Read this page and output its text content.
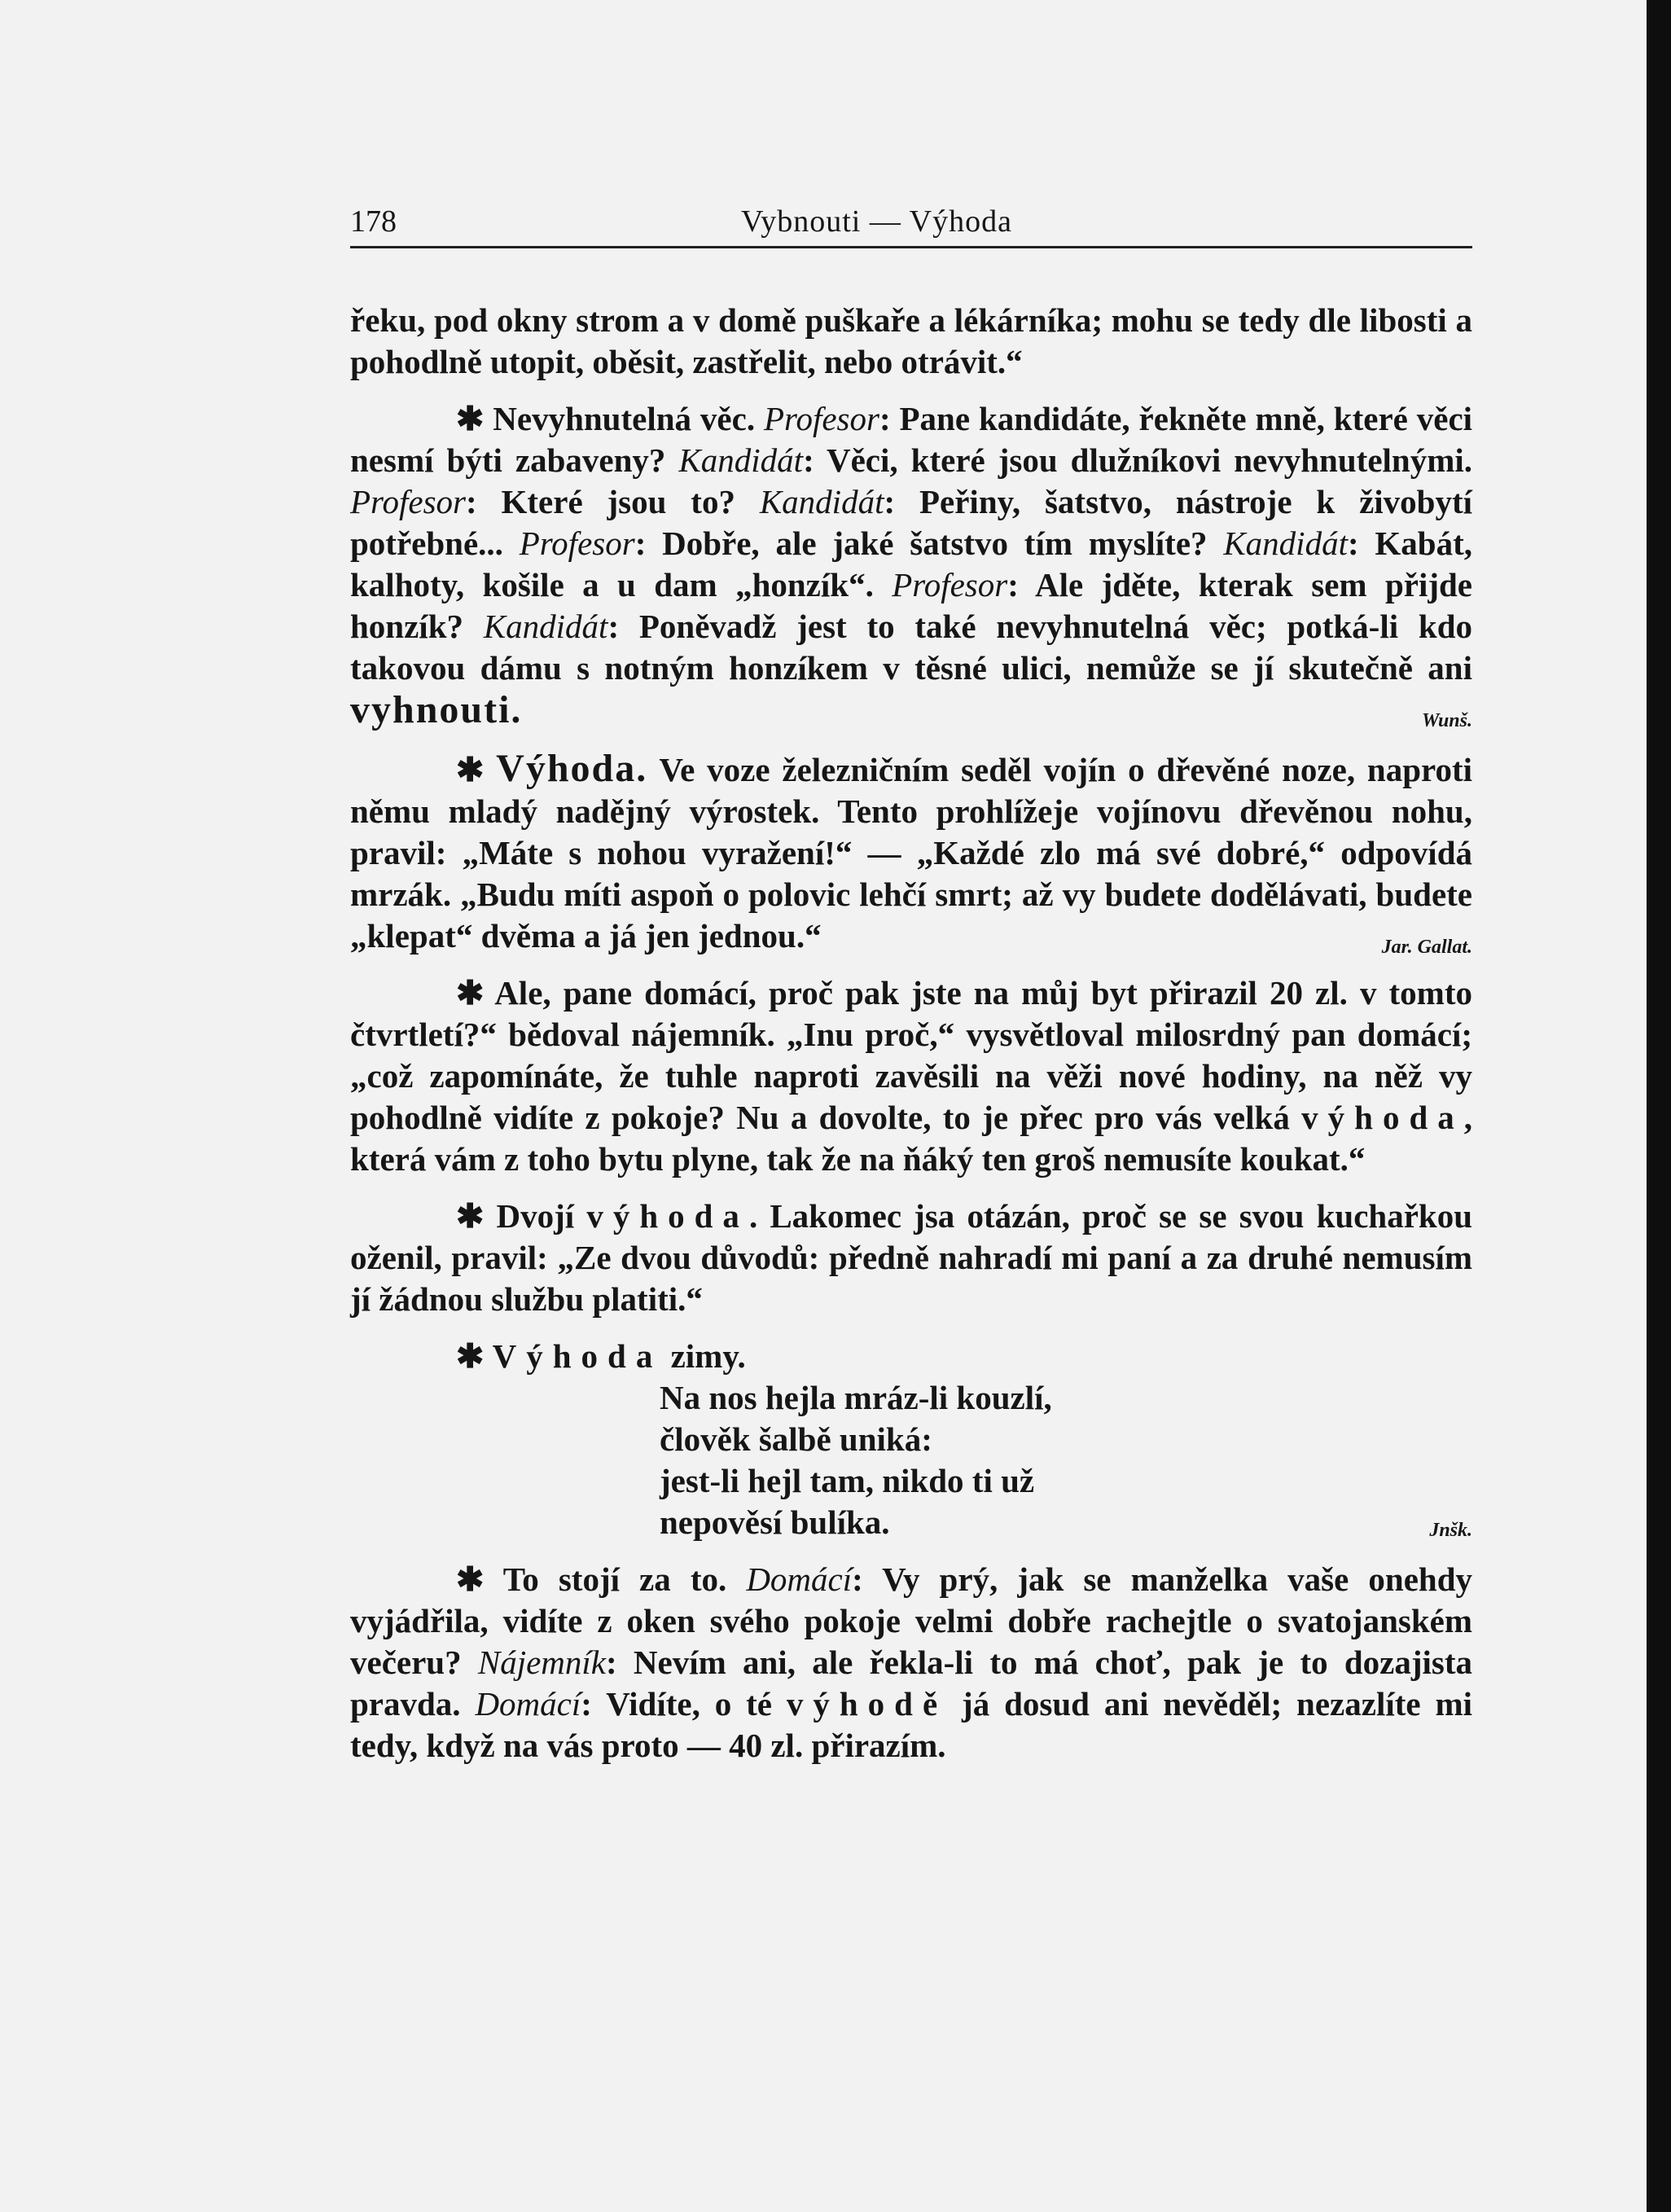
178	Vybnouti — Výhoda

řeku, pod okny strom a v domě puškaře a lékárníka; mohu se tedy dle libosti a pohodlně utopit, oběsit, zastřelit, nebo otrávit.“

✱ Nevyhnutelná věc. Profesor: Pane kandidáte, řekněte mně, které věci nesmí býti zabaveny? Kandidát: Věci, které jsou dlužníkovi nevyhnutelnými. Profesor: Které jsou to? Kandidát: Peřiny, šatstvo, nástroje k živobytí potřebné... Profesor: Dobře, ale jaké šatstvo tím myslíte? Kandidát: Kabát, kalhoty, košile a u dam „honzík“. Profesor: Ale jděte, kterak sem přijde honzík? Kandidát: Poněvadž jest to také nevyhnutelná věc; potká-li kdo takovou dámu s notným honzíkem v těsné ulici, nemůže se jí skutečně ani vyhnouti.	Wunš.

✱ Výhoda. Ve voze železničním seděl vojín o dřevěné noze, naproti němu mladý nadějný výrostek. Tento prohlížeje vojínovu dřevěnou nohu, pravil: „Máte s nohou vyražení!“ — „Každé zlo má své dobré,“ odpovídá mrzák. „Budu míti aspoň o polovic lehčí smrt; až vy budete dodělávati, budete „klepat“ dvěma a já jen jednou.“	Jar. Gallat.

✱ Ale, pane domácí, proč pak jste na můj byt přirazil 20 zl. v tomto čtvrtletí?“ bědoval nájemník. „Inu proč,“ vysvětloval milosrdný pan domácí; „což zapomínáte, že tuhle naproti zavěsili na věži nové hodiny, na něž vy pohodlně vidíte z pokoje? Nu a dovolte, to je přec pro vás velká výhoda, která vám z toho bytu plyne, tak že na ňáký ten groš nemusíte koukat.“

✱ Dvojí výhoda. Lakomec jsa otázán, proč se se svou kuchařkou oženil, pravil: „Ze dvou důvodů: předně nahradí mi paní a za druhé nemusím jí žádnou službu platiti.“

✱ Výhoda zimy.

Na nos hejla mráz-li kouzlí,
člověk šalbě uniká:
jest-li hejl tam, nikdo ti už
nepověsí bulíka.	Jnšk.

✱ To stojí za to. Domácí: Vy prý, jak se manželka vaše onehdy vyjádřila, vidíte z oken svého pokoje velmi dobře rachejtle o svatojanském večeru? Nájemník: Nevím ani, ale řekla-li to má choť, pak je to dozajista pravda. Domácí: Vidíte, o té výhodě já dosud ani nevěděl; nezazlíte mi tedy, když na vás proto — 40 zl. přirazím.
